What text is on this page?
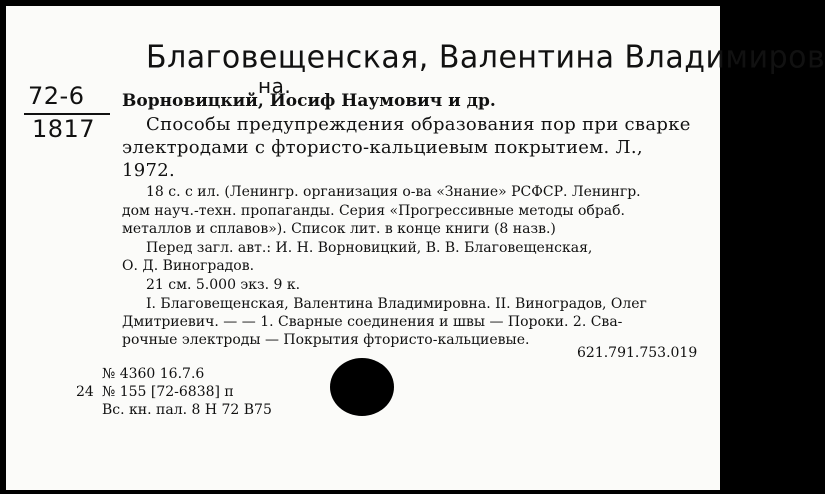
Благовещенская, Валентина Владимиров
на.
72-6
1817
Ворновицкий, Иосиф Наумович и др.
Способы предупреждения образования пор при сварке
электродами с фтористо-кальциевым покрытием. Л.,
1972.
18 с. с ил. (Ленингр. организация о-ва «Знание» РСФСР. Ленингр.
дом науч.-техн. пропаганды. Серия «Прогрессивные методы обраб.
металлов и сплавов»). Список лит. в конце книги (8 назв.)
Перед загл. авт.: И. Н. Ворновицкий, В. В. Благовещенская,
О. Д. Виноградов.
21 см. 5.000 экз. 9 к.
I. Благовещенская, Валентина Владимировна. II. Виноградов, Олег
Дмитриевич. — — 1. Сварные соединения и швы — Пороки. 2. Сва-
рочные электроды — Покрытия фтористо-кальциевые.
621.791.753.019
№ 4360 16.7.6
24 № 155 [72-6838] п
Вс. кн. пал. 8 Н 72 В75
